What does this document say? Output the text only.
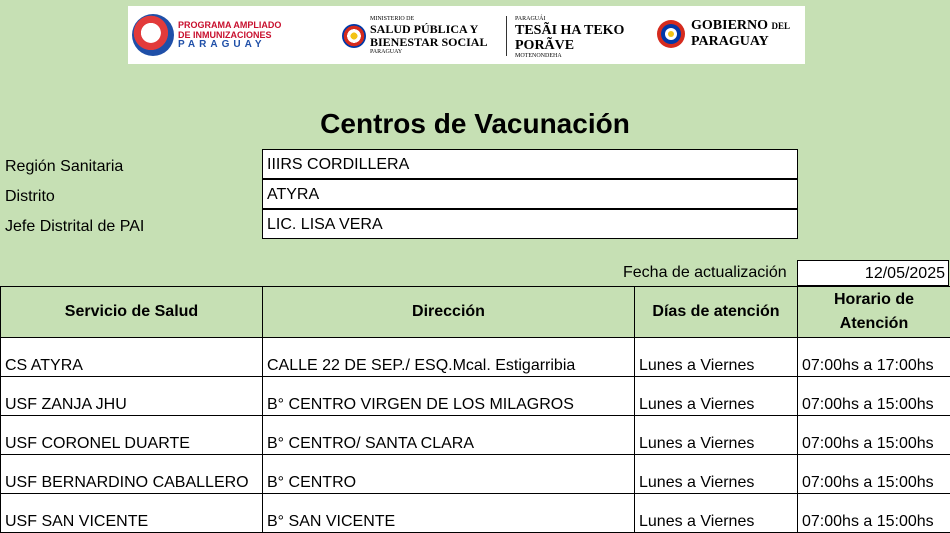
PROGRAMA AMPLIADO
DE INMUNIZACIONES
PARAGUAY
MINISTERIO DE
SALUD PÚBLICA Y
BIENESTAR SOCIAL
PARAGUAY
PARAGUÁI
TESÃI HA TEKO
PORÃVE
MOTENONDEHA
GOBIERNO DEL
PARAGUAY
Centros de Vacunación
Región Sanitaria	IIIRS CORDILLERA
Distrito	ATYRA
Jefe Distrital de PAI	LIC. LISA VERA
Fecha de actualización	12/05/2025
Servicio de Salud	Dirección	Días de atención	Horario de Atención
CS ATYRA	CALLE 22 DE SEP./ ESQ.Mcal. Estigarribia	Lunes a Viernes	07:00hs a 17:00hs
USF ZANJA JHU	B° CENTRO VIRGEN DE LOS MILAGROS	Lunes a Viernes	07:00hs a 15:00hs
USF CORONEL DUARTE	B° CENTRO/ SANTA CLARA	Lunes a Viernes	07:00hs a 15:00hs
USF BERNARDINO CABALLERO	B° CENTRO	Lunes a Viernes	07:00hs a 15:00hs
USF SAN VICENTE	B° SAN VICENTE	Lunes a Viernes	07:00hs a 15:00hs
